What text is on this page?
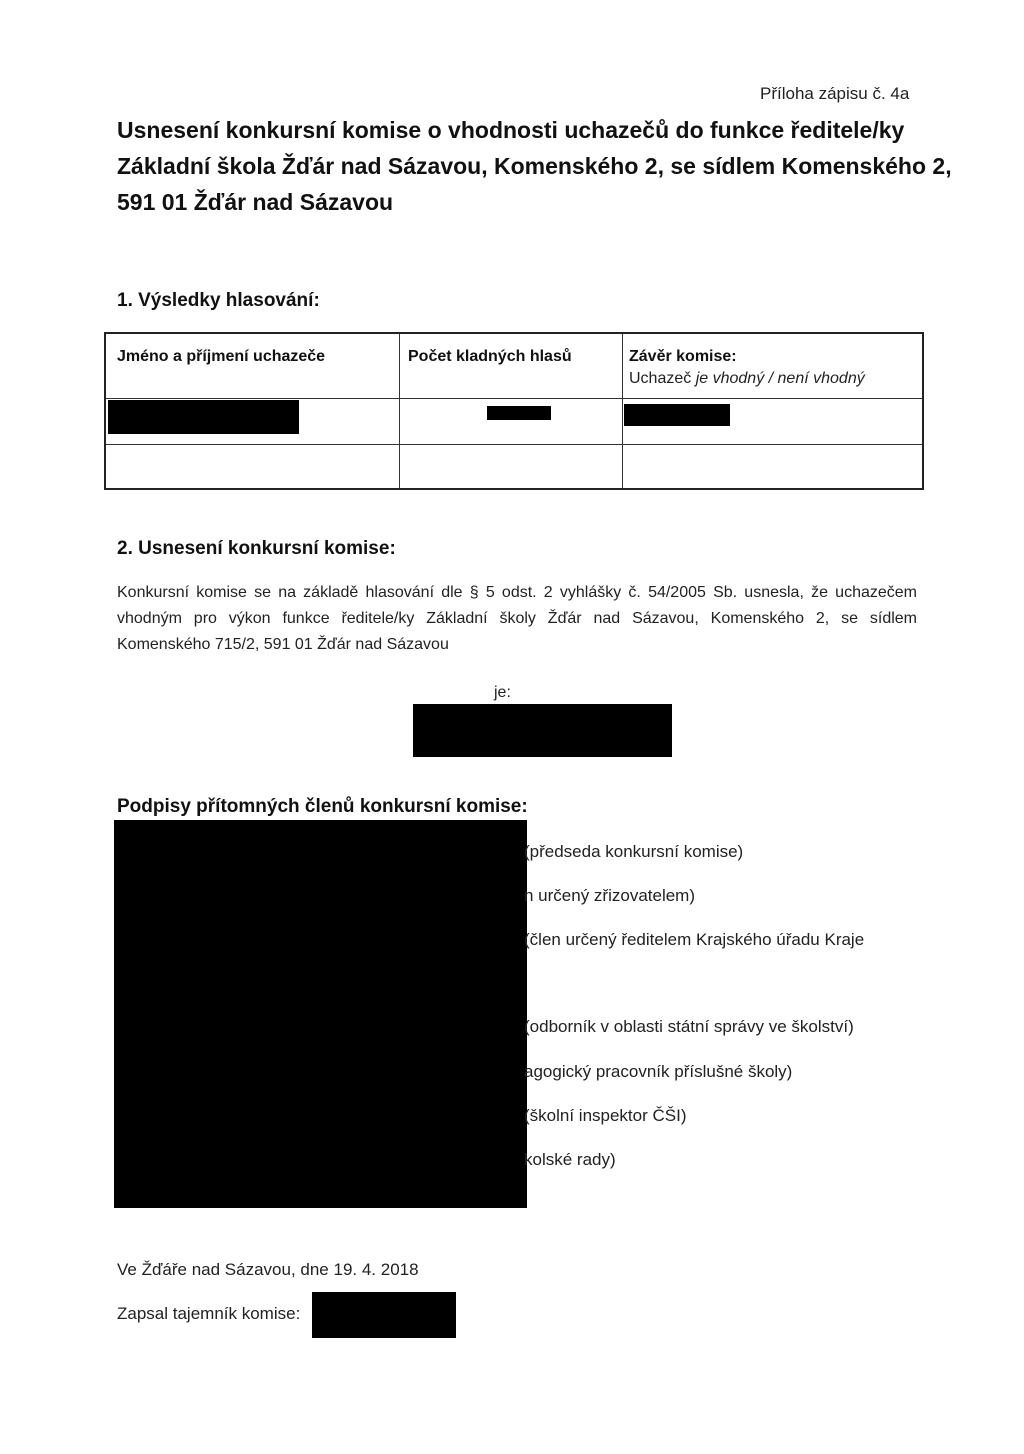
Příloha zápisu č. 4a
Usnesení konkursní komise o vhodnosti uchazečů do funkce ředitele/ky
Základní škola Žďár nad Sázavou, Komenského 2, se sídlem Komenského 2,
591 01 Žďár nad Sázavou
1. Výsledky hlasování:
Jméno a příjmení uchazeče	Počet kladných hlasů	Závěr komise:
Uchazeč je vhodný / není vhodný
2. Usnesení konkursní komise:
Konkursní komise se na základě hlasování dle § 5 odst. 2 vyhlášky č. 54/2005 Sb. usnesla, že uchazečem vhodným pro výkon funkce ředitele/ky Základní školy Žďár nad Sázavou, Komenského 2, se sídlem Komenského 715/2, 591 01 Žďár nad Sázavou
je:
Podpisy přítomných členů konkursní komise:
(předseda konkursní komise)
n určený zřizovatelem)
(člen určený ředitelem Krajského úřadu Kraje
(odborník v oblasti státní správy ve školství)
agogický pracovník příslušné školy)
(školní inspektor ČŠI)
kolské rady)
Ve Žďáře nad Sázavou, dne 19. 4. 2018
Zapsal tajemník komise:
